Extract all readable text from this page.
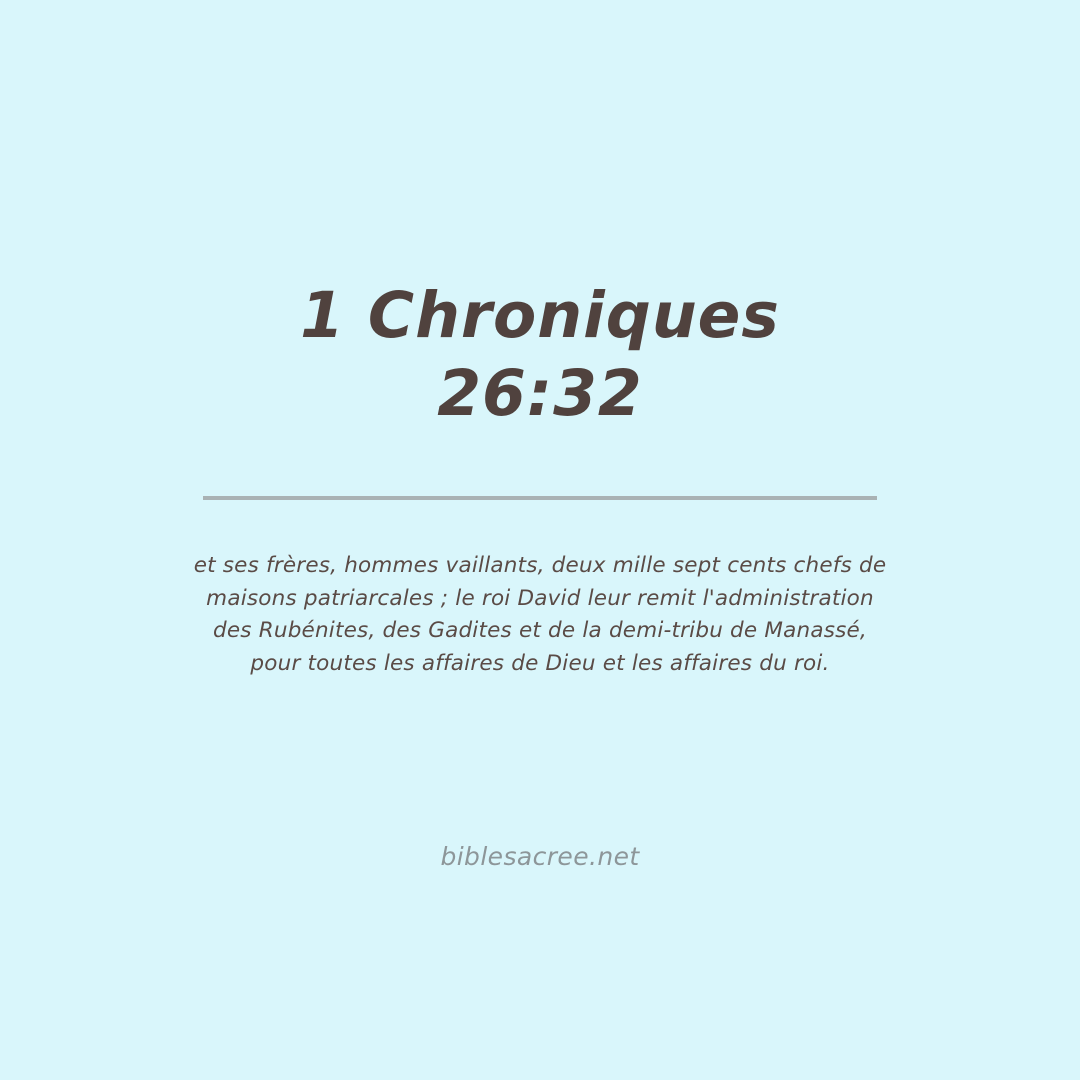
1 Chroniques
26:32
et ses frères, hommes vaillants, deux mille sept cents chefs de maisons patriarcales ; le roi David leur remit l'administration des Rubénites, des Gadites et de la demi-tribu de Manassé, pour toutes les affaires de Dieu et les affaires du roi.
biblesacree.net
